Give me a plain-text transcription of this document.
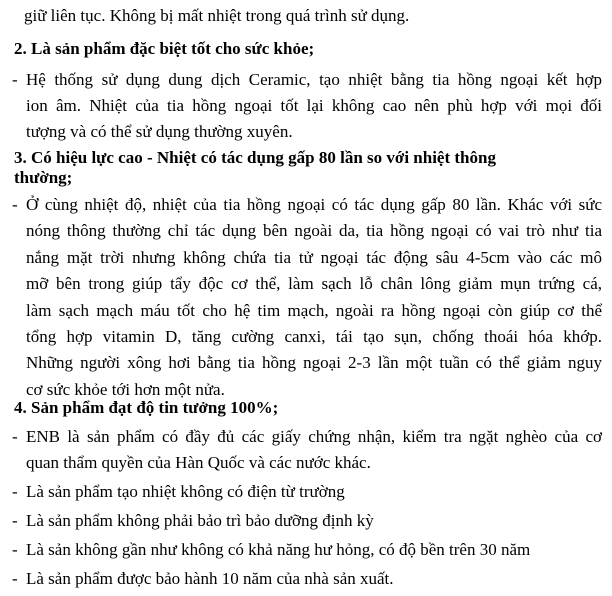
giữ liên tục. Không bị mất nhiệt trong quá trình sử dụng.
2. Là sản phẩm đặc biệt tốt cho sức khỏe;
- Hệ thống sử dụng dung dịch Ceramic, tạo nhiệt bằng tia hồng ngoại kết hợp
ion âm. Nhiệt của tia hồng ngoại tốt lại không cao nên phù hợp với mọi đối
tượng và có thể sử dụng thường xuyên.
3. Có hiệu lực cao - Nhiệt có tác dụng gấp 80 lần so với nhiệt thông
thường;
- Ở cùng nhiệt độ, nhiệt của tia hồng ngoại có tác dụng gấp 80 lần. Khác với sức
nóng thông thường chỉ tác dụng bên ngoài da, tia hồng ngoại có vai trò như tia
nắng mặt trời nhưng không chứa tia tử ngoại tác động sâu 4-5cm vào các mô
mỡ bên trong giúp tẩy độc cơ thể, làm sạch lỗ chân lông giảm mụn trứng cá,
làm sạch mạch máu tốt cho hệ tim mạch, ngoài ra hồng ngoại còn giúp cơ thể
tổng hợp vitamin D, tăng cường canxi, tái tạo sụn, chống thoái hóa khớp.
Những người xông hơi bằng tia hồng ngoại 2-3 lần một tuần có thể giảm nguy
cơ sức khỏe tới hơn một nửa.
4. Sản phẩm đạt độ tin tưởng 100%;
- ENB là sản phẩm có đầy đủ các giấy chứng nhận, kiểm tra ngặt nghèo của cơ
quan thẩm quyền của Hàn Quốc và các nước khác.
- Là sản phẩm tạo nhiệt không có điện từ trường
- Là sản phẩm không phải bảo trì bảo dưỡng định kỳ
- Là sản không gần như không có khả năng hư hỏng, có độ bền trên 30 năm
- Là sản phẩm được bảo hành 10 năm của nhà sản xuất.
